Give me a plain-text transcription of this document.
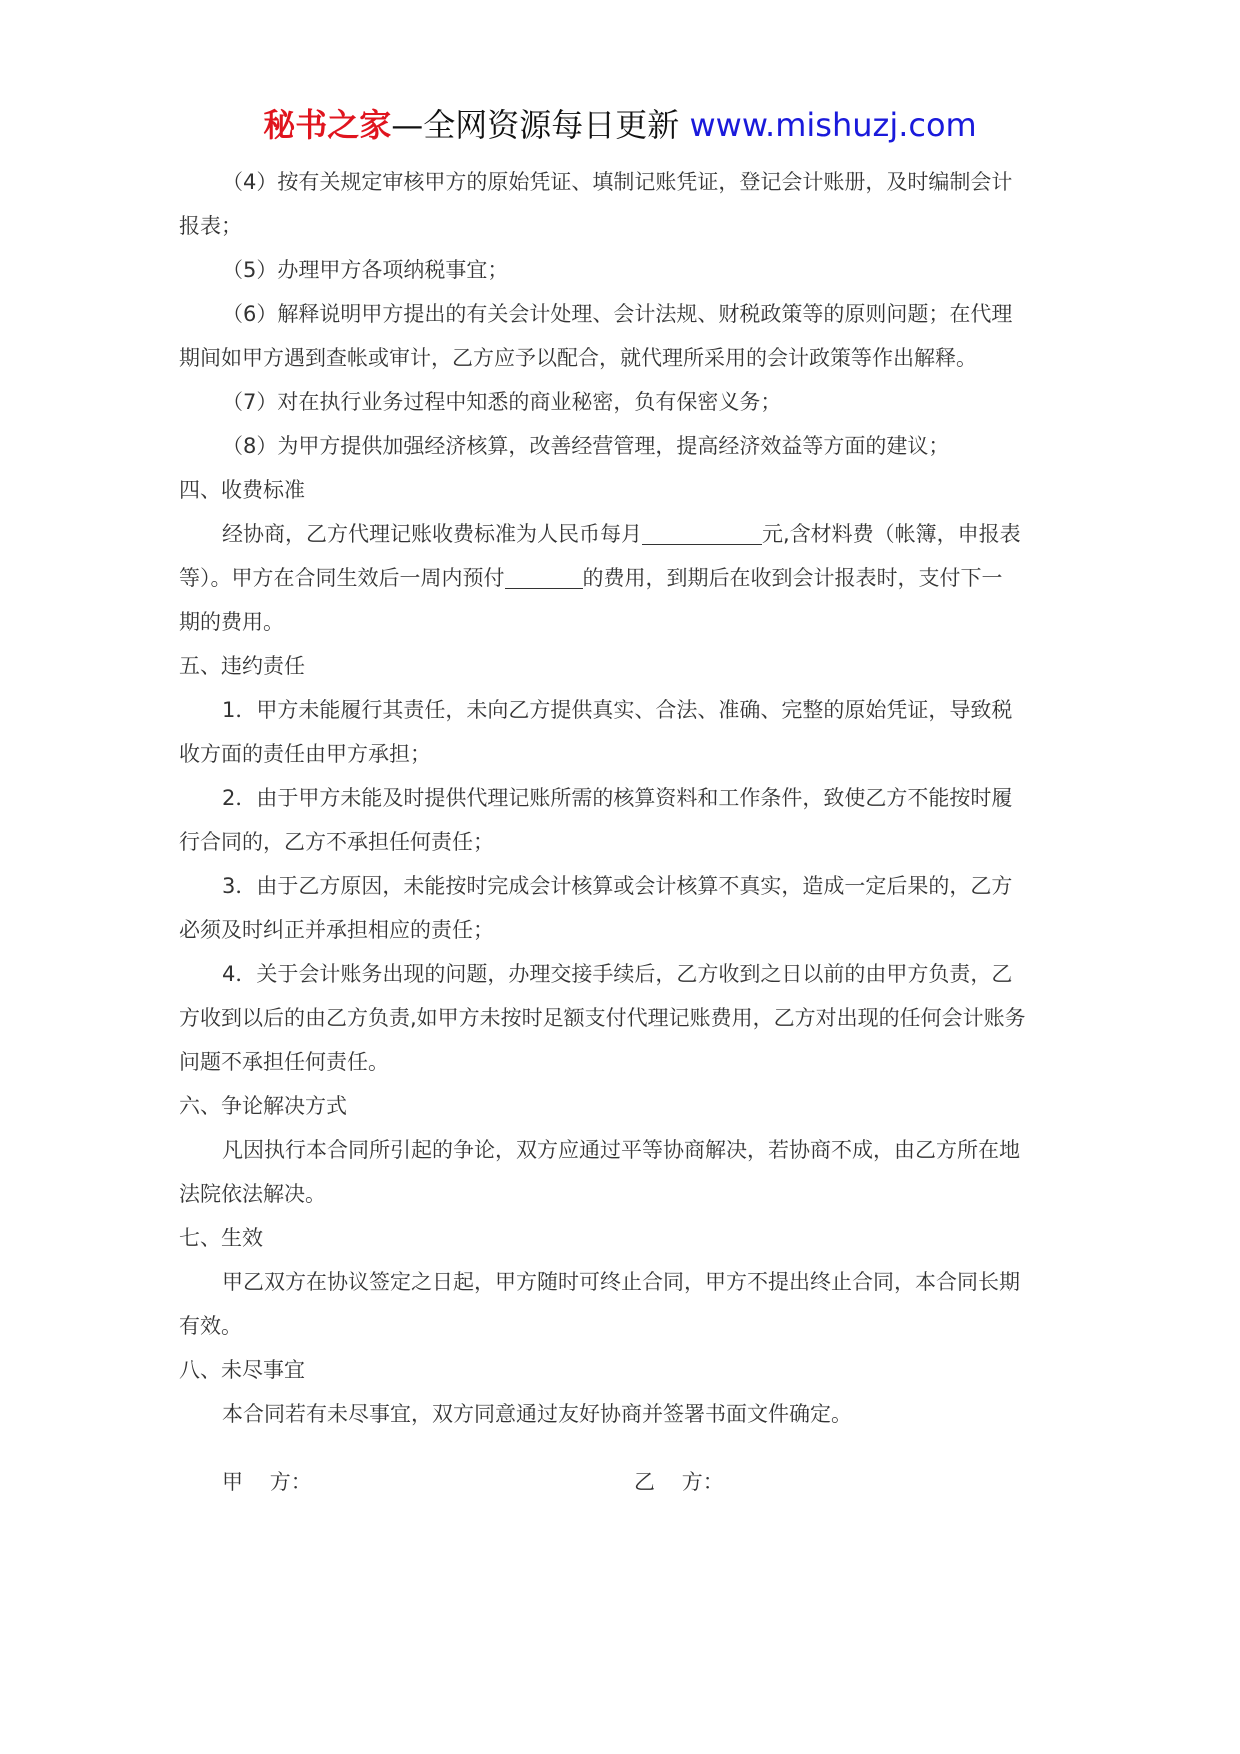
秘书之家—全网资源每日更新 www.mishuzj.com

（4）按有关规定审核甲方的原始凭证、填制记账凭证，登记会计账册，及时编制会计

报表；

（5）办理甲方各项纳税事宜；

（6）解释说明甲方提出的有关会计处理、会计法规、财税政策等的原则问题；在代理

期间如甲方遇到查帐或审计，乙方应予以配合，就代理所采用的会计政策等作出解释。

（7）对在执行业务过程中知悉的商业秘密，负有保密义务；

（8）为甲方提供加强经济核算，改善经营管理，提高经济效益等方面的建议；

四、收费标准

经协商，乙方代理记账收费标准为人民币每月	元,含材料费（帐簿，申报表

等）。甲方在合同生效后一周内预付	的费用，到期后在收到会计报表时，支付下一

期的费用。

五、违约责任

1．甲方未能履行其责任，未向乙方提供真实、合法、准确、完整的原始凭证，导致税

收方面的责任由甲方承担；

2．由于甲方未能及时提供代理记账所需的核算资料和工作条件，致使乙方不能按时履

行合同的，乙方不承担任何责任；

3．由于乙方原因，未能按时完成会计核算或会计核算不真实，造成一定后果的，乙方

必须及时纠正并承担相应的责任；

4．关于会计账务出现的问题，办理交接手续后，乙方收到之日以前的由甲方负责，乙

方收到以后的由乙方负责,如甲方未按时足额支付代理记账费用，乙方对出现的任何会计账务

问题不承担任何责任。

六、争论解决方式

凡因执行本合同所引起的争论，双方应通过平等协商解决，若协商不成，由乙方所在地

法院依法解决。

七、生效

甲乙双方在协议签定之日起，甲方随时可终止合同，甲方不提出终止合同，本合同长期

有效。

八、未尽事宜

本合同若有未尽事宜，双方同意通过友好协商并签署书面文件确定。

甲    方：	乙    方：
